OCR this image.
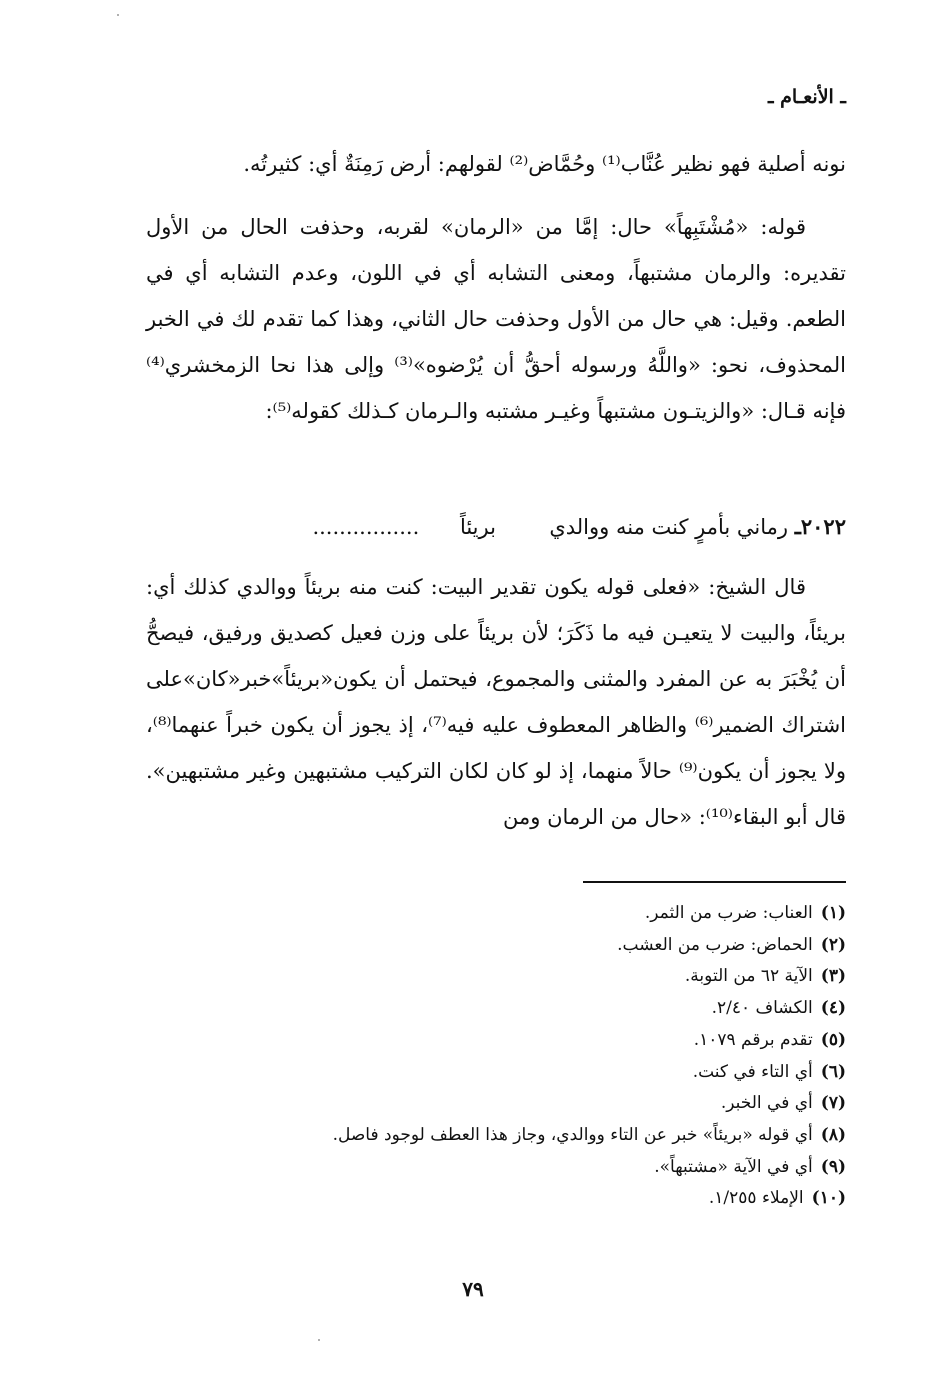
ـ الأنعـام ـ

نونه أصلية فهو نظير عُنَّاب⁽¹⁾ وحُمَّاض⁽²⁾ لقولهم: أرض رَمِنَةٌ أي: كثيرتُه.

قوله: «مُشْتَبِهاً» حال: إمَّا من «الرمان» لقربه، وحذفت الحال من الأول تقديره: والرمان مشتبهاً، ومعنى التشابه أي في اللون، وعدم التشابه أي في الطعم. وقيل: هي حال من الأول وحذفت حال الثاني، وهذا كما تقدم لك في الخبر المحذوف، نحو: «واللَّهُ ورسوله أحقُّ أن يُرْضوه»⁽³⁾ وإلى هذا نحا الزمخشري⁽⁴⁾ فإنه قـال: «والزيتـون مشتبهاً وغيـر مشتبه والـرمان كـذلك كقوله⁽⁵⁾:

٢٠٢٢ـ رماني بأمرٍ كنت منه ووالدي  بريئاً ................

قال الشيخ: «فعلى قوله يكون تقدير البيت: كنت منه بريئاً ووالدي كذلك أي: بريئاً، والبيت لا يتعيـن فيه ما ذَكَرَ؛ لأن بريئاً على وزن فعيل كصديق ورفيق، فيصحُّ أن يُخْبَرَ به عن المفرد والمثنى والمجموع، فيحتمل أن يكون«بريئاً»خبر«كان»على اشتراك الضمير⁽⁶⁾ والظاهر المعطوف عليه فيه⁽⁷⁾، إذ يجوز أن يكون خبراً عنهما⁽⁸⁾، ولا يجوز أن يكون⁽⁹⁾ حالاً منهما، إذ لو كان لكان التركيب مشتبهين وغير مشتبهين». قال أبو البقاء⁽¹⁰⁾: «حال من الرمان ومن

(١)العناب: ضرب من الثمر.
(٢)الحماض: ضرب من العشب.
(٣)الآية ٦٢ من التوبة.
(٤)الكشاف ٢/٤٠.
(٥)تقدم برقم ١٠٧٩.
(٦)أي التاء في كنت.
(٧)أي في الخبر.
(٨)أي قوله «بريئاً» خبر عن التاء ووالدي، وجاز هذا العطف لوجود فاصل.
(٩)أي في الآية «مشتبهاً».
(١٠)الإملاء ١/٢٥٥.
٧٩
